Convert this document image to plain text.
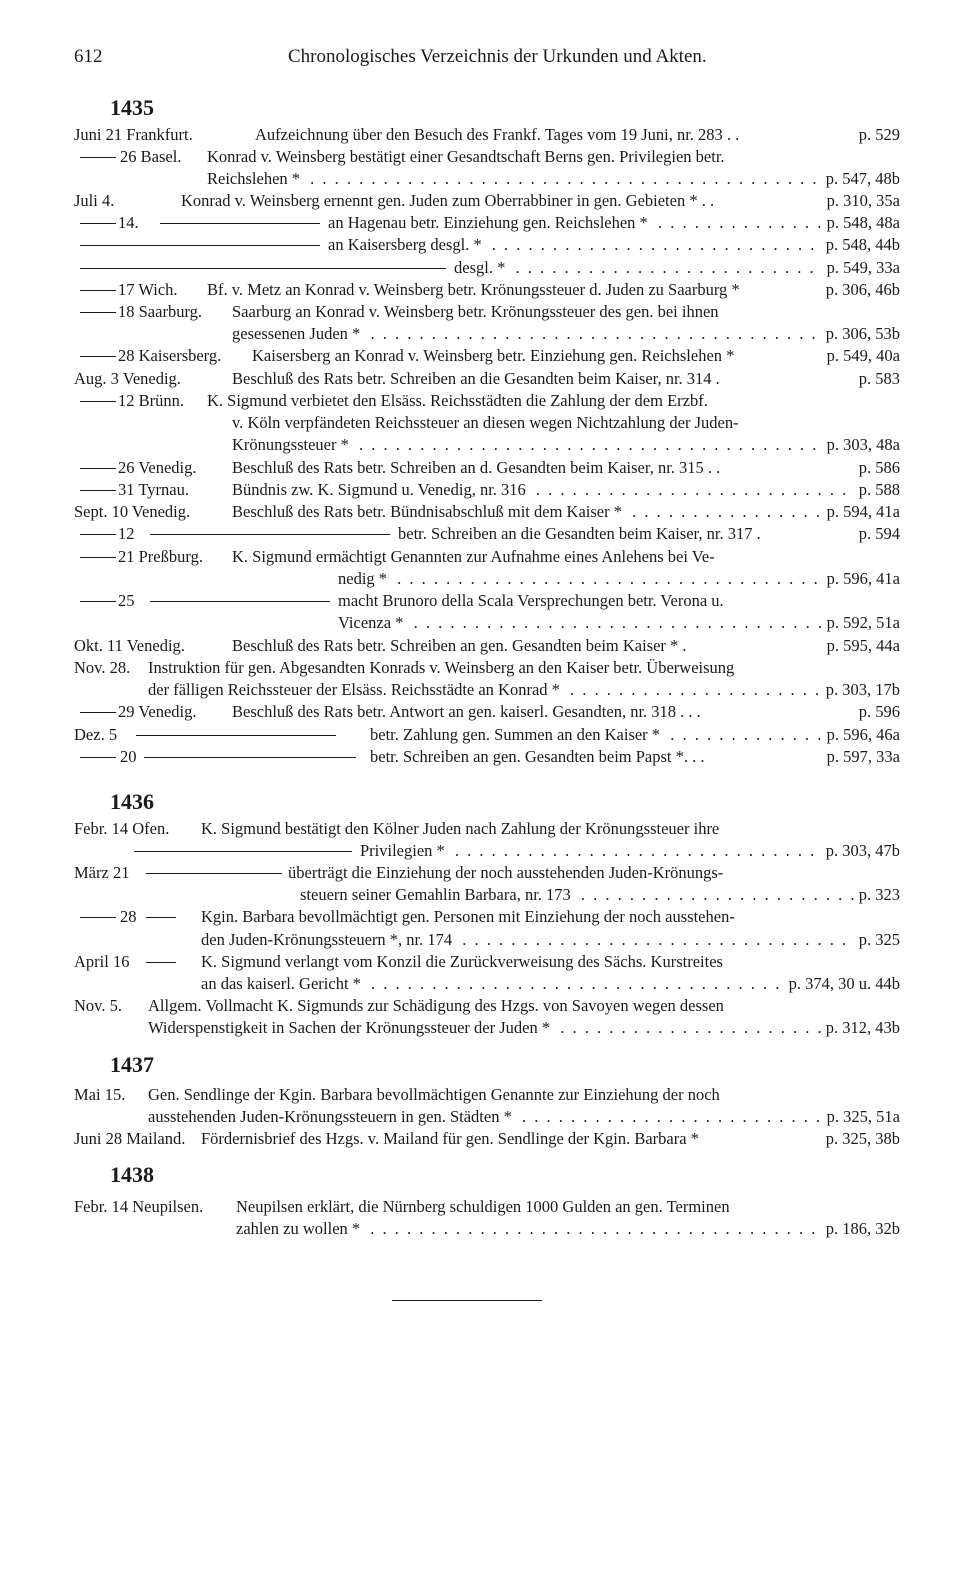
612	Chronologisches Verzeichnis der Urkunden und Akten.
1435
1436
1437
1438
Juni 21 Frankfurt.	Aufzeichnung über den Besuch des Frankf. Tages vom 19 Juni, nr. 283 . .	p. 529
26 Basel. Konrad v. Weinsberg bestätigt einer Gesandtschaft Berns gen. Privilegien betr.
Reichslehen * . . .	p. 547, 48b
Juli 4.	Konrad v. Weinsberg ernennt gen. Juden zum Oberrabbiner in gen. Gebieten * . .	p. 310, 35a
14.	an Hagenau betr. Einziehung gen. Reichslehen * . . .	p. 548, 48a
an Kaisersberg desgl. * . . .	p. 548, 44b
desgl. * . . .	p. 549, 33a
17 Wich. Bf. v. Metz an Konrad v. Weinsberg betr. Krönungssteuer d. Juden zu Saarburg *	p. 306, 46b
18 Saarburg. Saarburg an Konrad v. Weinsberg betr. Krönungssteuer des gen. bei ihnen
gesessenen Juden * . . .	p. 306, 53b
28 Kaisersberg. Kaisersberg an Konrad v. Weinsberg betr. Einziehung gen. Reichslehen *	p. 549, 40a
Aug. 3 Venedig.	Beschluß des Rats betr. Schreiben an die Gesandten beim Kaiser, nr. 314 .	p. 583
12 Brünn. K. Sigmund verbietet den Elsäss. Reichsstädten die Zahlung der dem Erzbf.
v. Köln verpfändeten Reichssteuer an diesen wegen Nichtzahlung der Juden-
Krönungssteuer * . . .	p. 303, 48a
26 Venedig. Beschluß des Rats betr. Schreiben an d. Gesandten beim Kaiser, nr. 315 . .	p. 586
31 Tyrnau.	Bündnis zw. K. Sigmund u. Venedig, nr. 316 . . .	p. 588
Sept. 10 Venedig.	Beschluß des Rats betr. Bündnisabschluß mit dem Kaiser * . . .	p. 594, 41a
12	betr. Schreiben an die Gesandten beim Kaiser, nr. 317 .	p. 594
21 Preßburg. K. Sigmund ermächtigt Genannten zur Aufnahme eines Anlehens bei Ve-
nedig * . . .	p. 596, 41a
25	macht Brunoro della Scala Versprechungen betr. Verona u.
Vicenza * . . .	p. 592, 51a
Okt. 11 Venedig.	Beschluß des Rats betr. Schreiben an gen. Gesandten beim Kaiser * .	p. 595, 44a
Nov. 28. Instruktion für gen. Abgesandten Konrads v. Weinsberg an den Kaiser betr. Überweisung
der fälligen Reichssteuer der Elsäss. Reichsstädte an Konrad * . . .	p. 303, 17b
29 Venedig. Beschluß des Rats betr. Antwort an gen. kaiserl. Gesandten, nr. 318 . . .	p. 596
Dez. 5	betr. Zahlung gen. Summen an den Kaiser * . . .	p. 596, 46a
20	betr. Schreiben an gen. Gesandten beim Papst *. . .	p. 597, 33a
Febr. 14 Ofen. K. Sigmund bestätigt den Kölner Juden nach Zahlung der Krönungssteuer ihre
Privilegien * . . .	p. 303, 47b
März 21	überträgt die Einziehung der noch ausstehenden Juden-Krönungs-
steuern seiner Gemahlin Barbara, nr. 173 . . .	p. 323
28	Kgin. Barbara bevollmächtigt gen. Personen mit Einziehung der noch ausstehen-
den Juden-Krönungssteuern *, nr. 174 . . .	p. 325
April 16	K. Sigmund verlangt vom Konzil die Zurückverweisung des Sächs. Kurstreites
an das kaiserl. Gericht * . . .	p. 374, 30 u. 44b
Nov. 5. Allgem. Vollmacht K. Sigmunds zur Schädigung des Hzgs. von Savoyen wegen dessen
Widerspenstigkeit in Sachen der Krönungssteuer der Juden * . . .	p. 312, 43b
Mai 15. Gen. Sendlinge der Kgin. Barbara bevollmächtigen Genannte zur Einziehung der noch
ausstehenden Juden-Krönungssteuern in gen. Städten * . . .	p. 325, 51a
Juni 28 Mailand. Fördernisbrief des Hzgs. v. Mailand für gen. Sendlinge der Kgin. Barbara *	p. 325, 38b
Febr. 14 Neupilsen. Neupilsen erklärt, die Nürnberg schuldigen 1000 Gulden an gen. Terminen
zahlen zu wollen * . . .	p. 186, 32b
